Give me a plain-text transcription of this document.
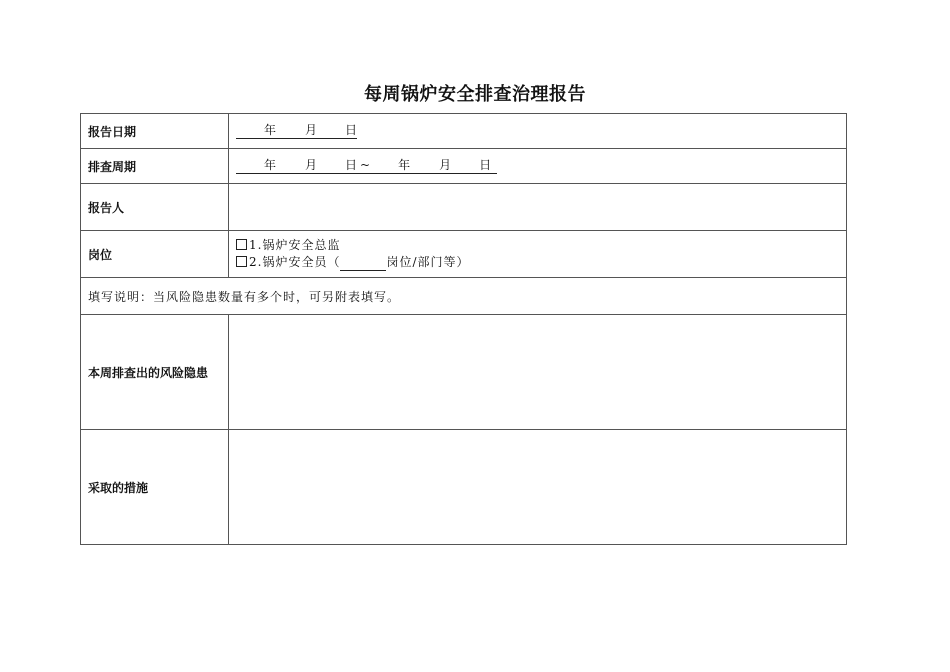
每周锅炉安全排查治理报告
报告日期	年 月 日
排查周期	年 月 日 ~ 年 月 日
报告人	
岗位	1.锅炉安全总监
2.锅炉安全员（ 岗位/部门等）

填写说明：当风险隐患数量有多个时，可另附表填写。	
本周排查出的风险隐患	
采取的措施	
